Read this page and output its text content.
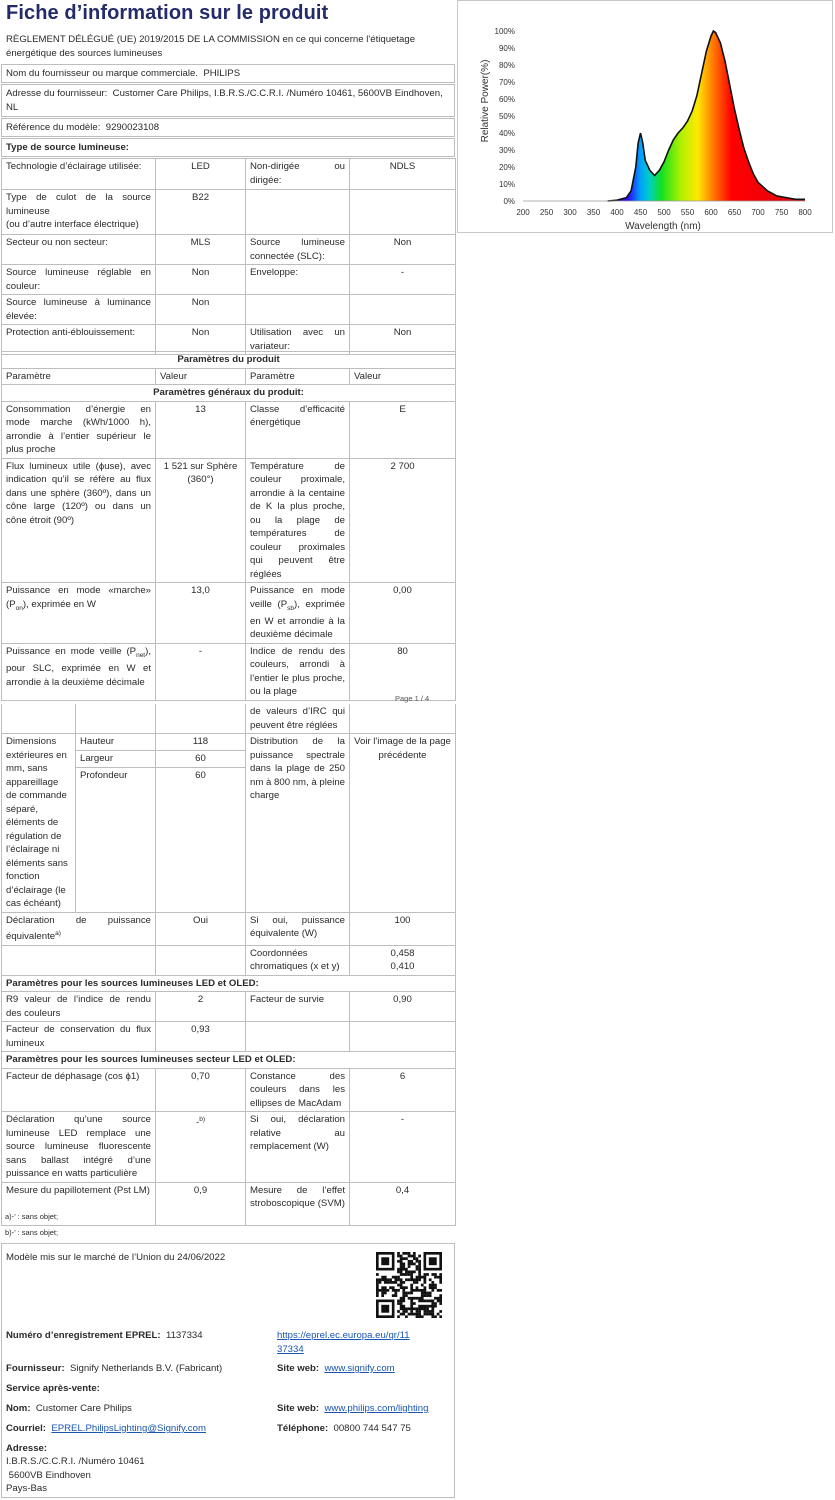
Fiche d’information sur le produit
RÈGLEMENT DÉLÉGUÉ (UE) 2019/2015 DE LA COMMISSION en ce qui concerne l'étiquetage énergétique des sources lumineuses
Nom du fournisseur ou marque commerciale. PHILIPS
Adresse du fournisseur: Customer Care Philips, I.B.R.S./C.C.R.I. /Numéro 10461, 5600VB Eindhoven, NL
Référence du modèle: 9290023108
Type de source lumineuse:
Technologie d’éclairage utilisée:	LED	Non-dirigée ou dirigée:	NDLS
Type de culot de la source lumineuse
(ou d’autre interface électrique)	B22		
Secteur ou non secteur:	MLS	Source lumineuse connectée (SLC):	Non
Source lumineuse réglable en couleur:	Non	Enveloppe:	-
Source lumineuse à luminance élevée:	Non		
Protection anti-éblouissement:	Non	Utilisation avec un variateur:	Non
Paramètres du produit			
Paramètre	Valeur	Paramètre	Valeur
Paramètres généraux du produit:			
Consommation d’énergie en mode marche (kWh/1000 h), arrondie à l’entier supérieur le plus proche	13	Classe d’efficacité énergétique	E
Flux lumineux utile (ϕuse), avec indication qu’il se réfère au flux dans une sphère (360º), dans un cône large (120º) ou dans un cône étroit (90º)	1 521 sur Sphère (360°)	Température de couleur proximale, arrondie à la centaine de K la plus proche, ou la plage de températures de couleur proximales qui peuvent être réglées	2 700
Puissance en mode «marche» $(P_{on})$, exprimée en W	13,0	Puissance en mode veille $(P_{sb})$, exprimée en W et arrondie à la deuxième décimale	0,00
Puissance en mode veille $(P_{net})$, pour SLC, exprimée en W et arrondie à la deuxième décimale	-	Indice de rendu des couleurs, arrondi à l’entier le plus proche, ou la plage	80
Page 1 / 4
			de valeurs d’IRC qui peuvent être réglées	
Dimensions extérieures en mm, sans appareillage de commande séparé, éléments de régulation de l’éclairage ni éléments sans fonction d’éclairage (le cas échéant)	Hauteur	118	Distribution de la puissance spectrale dans la plage de 250 nm à 800 nm, à pleine charge	Voir l'image de la page précédente
	Largeur	60		
	Profondeur	60		
Déclaration de puissance équivalente$^{a)}$		Oui	Si oui, puissance équivalente (W)	100
			Coordonnées chromatiques (x et y)	0,458
0,410
Paramètres pour les sources lumineuses LED et OLED:				
R9 valeur de l’indice de rendu des couleurs		2	Facteur de survie	0,90
Facteur de conservation du flux lumineux		0,93		
Paramètres pour les sources lumineuses secteur LED et OLED:				
Facteur de déphasage (cos ϕ1)		0,70	Constance des couleurs dans les ellipses de MacAdam	6
Déclaration qu’une source lumineuse LED remplace une source lumineuse fluorescente sans ballast intégré d’une puissance en watts particulière		-$^{b)}$	Si oui, déclaration relative au remplacement (W)	-
Mesure du papillotement (Pst LM)		0,9	Mesure de l’effet stroboscopique (SVM)	0,4
a)-’ : sans objet;
b)-’ : sans objet;
Modèle mis sur le marché de l’Union du 24/06/2022
Numéro d’enregistrement EPREL: 1137334	https://eprel.ec.europa.eu/qr/11
37334
Fournisseur: Signify Netherlands B.V. (Fabricant)	Site web: www.signify.com
Service après-vente:
Nom: Customer Care Philips	Site web: www.philips.com/lighting
Courriel: EPREL.PhilipsLighting@Signify.com	Téléphone: 00800 744 547 75
Adresse:
I.B.R.S./C.C.R.I. /Numéro 10461
5600VB Eindhoven
Pays-Bas
Relative Power(%)
Wavelength (nm)
200 250 300 350 400 450 500 550 600 650 700 750 800
0%
10%
20%
30%
40%
50%
60%
70%
80%
90%
100%
